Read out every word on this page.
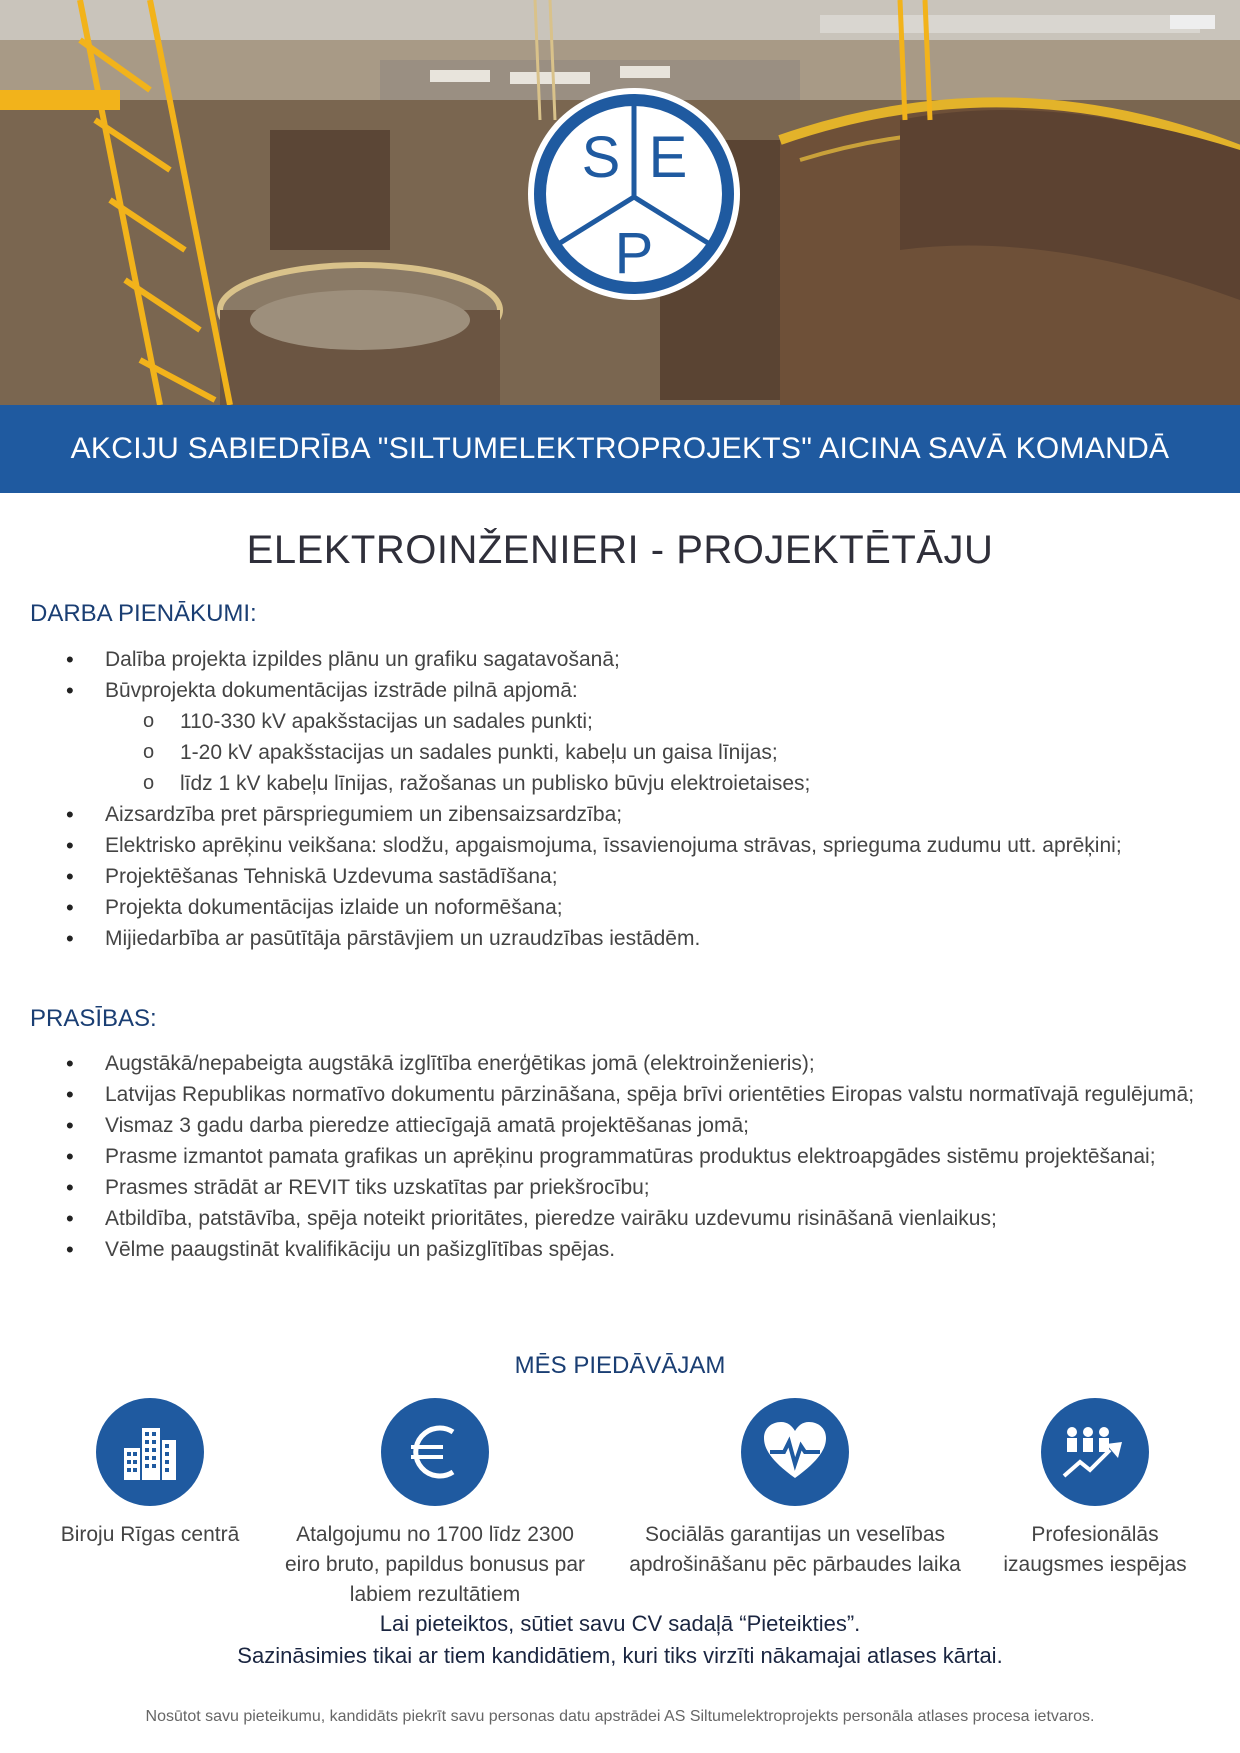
S E
P
AKCIJU SABIEDRĪBA "SILTUMELEKTROPROJEKTS" AICINA SAVĀ KOMANDĀ
ELEKTROINŽENIERI - PROJEKTĒTĀJU
DARBA PIENĀKUMI:
• Dalība projekta izpildes plānu un grafiku sagatavošanā;
• Būvprojekta dokumentācijas izstrāde pilnā apjomā:
o 110-330 kV apakšstacijas un sadales punkti;
o 1-20 kV apakšstacijas un sadales punkti, kabeļu un gaisa līnijas;
o līdz 1 kV kabeļu līnijas, ražošanas un publisko būvju elektroietaises;
• Aizsardzība pret pārspriegumiem un zibensaizsardzība;
• Elektrisko aprēķinu veikšana: slodžu, apgaismojuma, īssavienojuma strāvas, sprieguma zudumu utt. aprēķini;
• Projektēšanas Tehniskā Uzdevuma sastādīšana;
• Projekta dokumentācijas izlaide un noformēšana;
• Mijiedarbība ar pasūtītāja pārstāvjiem un uzraudzības iestādēm.
PRASĪBAS:
• Augstākā/nepabeigta augstākā izglītība enerģētikas jomā (elektroinženieris);
• Latvijas Republikas normatīvo dokumentu pārzināšana, spēja brīvi orientēties Eiropas valstu normatīvajā regulējumā;
• Vismaz 3 gadu darba pieredze attiecīgajā amatā projektēšanas jomā;
• Prasme izmantot pamata grafikas un aprēķinu programmatūras produktus elektroapgādes sistēmu projektēšanai;
• Prasmes strādāt ar REVIT tiks uzskatītas par priekšrocību;
• Atbildība, patstāvība, spēja noteikt prioritātes, pieredze vairāku uzdevumu risināšanā vienlaikus;
• Vēlme paaugstināt kvalifikāciju un pašizglītības spējas.
MĒS PIEDĀVĀJAM
Biroju Rīgas centrā	Atalgojumu no 1700 līdz 2300 eiro bruto, papildus bonusus par labiem rezultātiem
Sociālās garantijas un veselības apdrošināšanu pēc pārbaudes laika
Profesionālās izaugsmes iespējas
Lai pieteiktos, sūtiet savu CV sadaļā “Pieteikties”.
Sazināsimies tikai ar tiem kandidātiem, kuri tiks virzīti nākamajai atlases kārtai.
Nosūtot savu pieteikumu, kandidāts piekrīt savu personas datu apstrādei AS Siltumelektroprojekts personāla atlases procesa ietvaros.
